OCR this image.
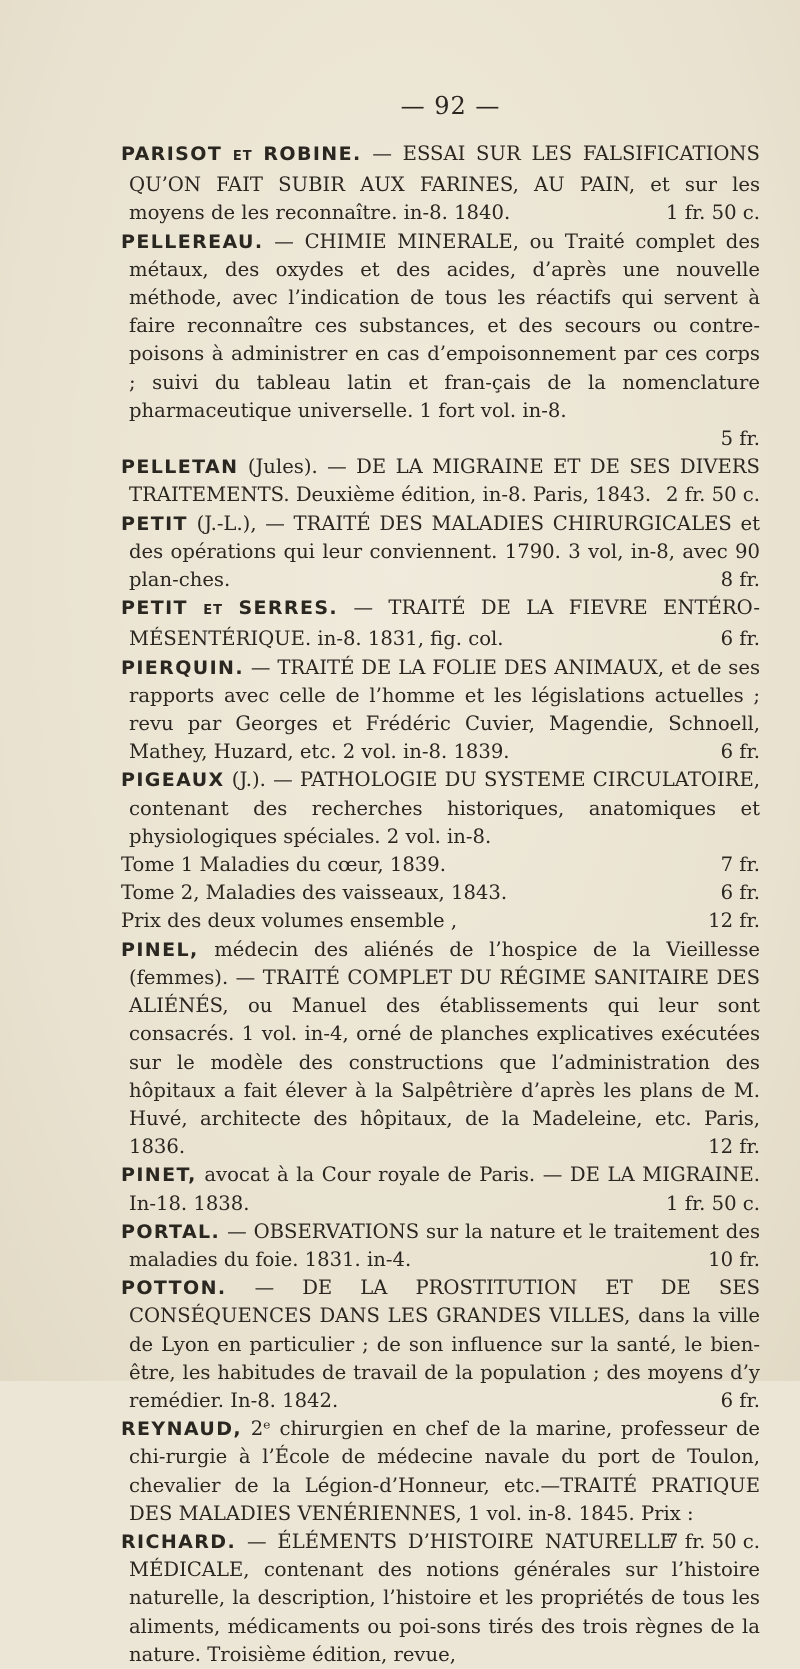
— 92 —
PARISOT ET ROBINE. — ESSAI SUR LES FALSIFICATIONS QU’ON FAIT SUBIR AUX FARINES, AU PAIN, et sur les moyens de les reconnaître. in-8. 1840.	1 fr. 50 c.
PELLEREAU. — CHIMIE MINERALE, ou Traité complet des métaux, des oxydes et des acides, d’après une nouvelle méthode, avec l’indication de tous les réactifs qui servent à faire reconnaître ces substances, et des secours ou contre-poisons à administrer en cas d’empoisonnement par ces corps ; suivi du tableau latin et fran-çais de la nomenclature pharmaceutique universelle. 1 fort vol. in-8.
5 fr.
PELLETAN (Jules). — DE LA MIGRAINE ET DE SES DIVERS TRAITEMENTS. Deuxième édition, in-8. Paris, 1843. 2 fr. 50 c.
PETIT (J.-L.), — TRAITÉ DES MALADIES CHIRURGICALES et des opérations qui leur conviennent. 1790. 3 vol, in-8, avec 90 plan-ches.	8 fr.
PETIT ET SERRES. — TRAITÉ DE LA FIEVRE ENTÉRO-MÉSENTÉRIQUE. in-8. 1831, fig. col.	6 fr.
PIERQUIN. — TRAITÉ DE LA FOLIE DES ANIMAUX, et de ses rapports avec celle de l’homme et les législations actuelles ; revu par Georges et Frédéric Cuvier, Magendie, Schnoell, Mathey, Huzard, etc. 2 vol. in-8. 1839.	6 fr.
PIGEAUX (J.). — PATHOLOGIE DU SYSTEME CIRCULATOIRE, contenant des recherches historiques, anatomiques et physiologiques spéciales. 2 vol. in-8.
Tome 1 Maladies du cœur, 1839.	7 fr.
Tome 2, Maladies des vaisseaux, 1843.	6 fr.
Prix des deux volumes ensemble ,	12 fr.
PINEL, médecin des aliénés de l’hospice de la Vieillesse (femmes). — TRAITÉ COMPLET DU RÉGIME SANITAIRE DES ALIÉNÉS, ou Manuel des établissements qui leur sont consacrés. 1 vol. in-4, orné de planches explicatives exécutées sur le modèle des constructions que l’administration des hôpitaux a fait élever à la Salpêtrière d’après les plans de M. Huvé, architecte des hôpitaux, de la Madeleine, etc. Paris, 1836.	12 fr.
PINET, avocat à la Cour royale de Paris. — DE LA MIGRAINE. In-18. 1838.	1 fr. 50 c.
PORTAL. — OBSERVATIONS sur la nature et le traitement des maladies du foie. 1831. in-4.	10 fr.
POTTON. — DE LA PROSTITUTION ET DE SES CONSÉQUENCES DANS LES GRANDES VILLES, dans la ville de Lyon en particulier ; de son influence sur la santé, le bien-être, les habitudes de travail de la population ; des moyens d’y remédier. In-8. 1842.	6 fr.
REYNAUD, 2ᵉ chirurgien en chef de la marine, professeur de chi-rurgie à l’École de médecine navale du port de Toulon, chevalier de la Légion-d’Honneur, etc.—TRAITÉ PRATIQUE DES MALADIES VENÉRIENNES, 1 vol. in-8. 1845. Prix :
7 fr. 50 c.
RICHARD. — ÉLÉMENTS D’HISTOIRE NATURELLE MÉDICALE, contenant des notions générales sur l’histoire naturelle, la description, l’histoire et les propriétés de tous les aliments, médicaments ou poi-sons tirés des trois règnes de la nature. Troisième édition, revue,
